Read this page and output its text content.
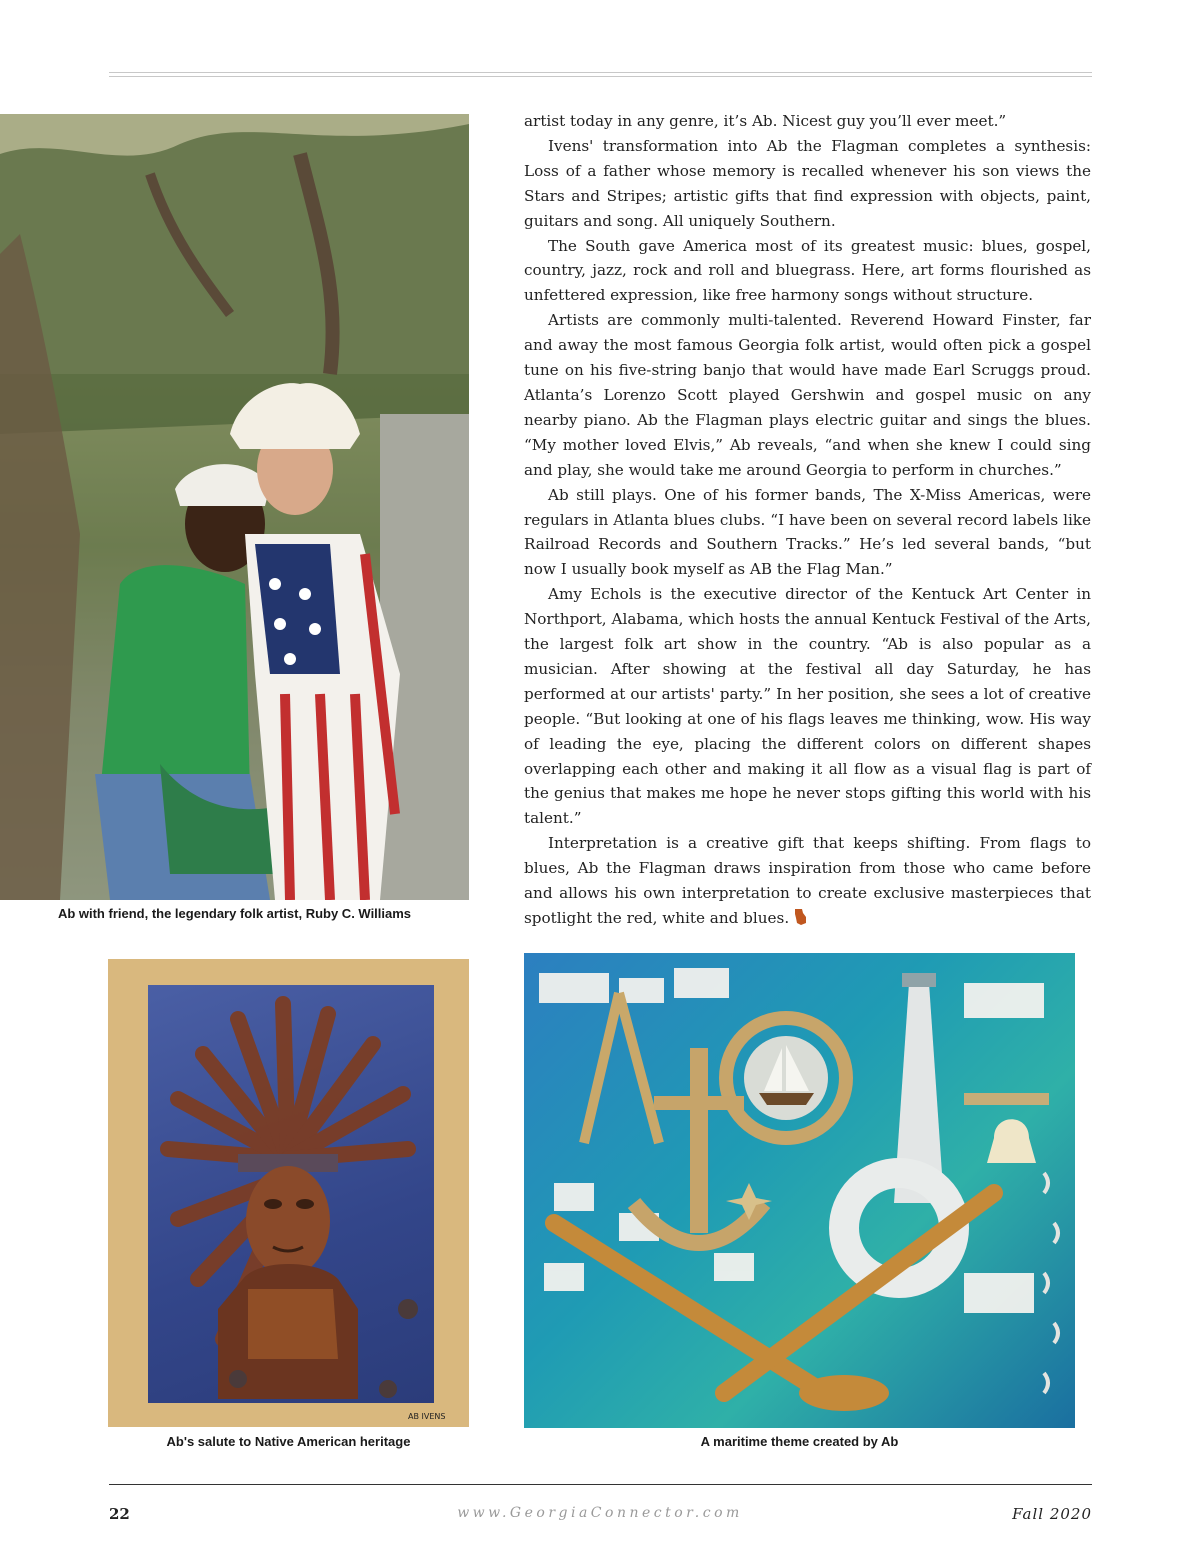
Ab with friend, the legendary folk artist, Ruby C. Williams

artist today in any genre, it’s Ab. Nicest guy you’ll ever meet.”

Ivens' transformation into Ab the Flagman completes a synthesis: Loss of a father whose memory is recalled whenever his son views the Stars and Stripes; artistic gifts that find expression with objects, paint, guitars and song. All uniquely Southern.

The South gave America most of its greatest music: blues, gospel, country, jazz, rock and roll and bluegrass. Here, art forms flourished as unfettered expression, like free harmony songs without structure.

Artists are commonly multi-talented. Reverend Howard Finster, far and away the most famous Georgia folk artist, would often pick a gospel tune on his five-string banjo that would have made Earl Scruggs proud. Atlanta’s Lorenzo Scott played Gershwin and gospel music on any nearby piano. Ab the Flagman plays electric guitar and sings the blues. “My mother loved Elvis,” Ab reveals, “and when she knew I could sing and play, she would take me around Georgia to perform in churches.”

Ab still plays. One of his former bands, The X-Miss Americas, were regulars in Atlanta blues clubs. “I have been on several record labels like Railroad Records and Southern Tracks.” He’s led several bands, “but now I usually book myself as AB the Flag Man.”

Amy Echols is the executive director of the Kentuck Art Center in Northport, Alabama, which hosts the annual Kentuck Festival of the Arts, the largest folk art show in the country. “Ab is also popular as a musician. After showing at the festival all day Saturday, he has performed at our artists' party.” In her position, she sees a lot of creative people. “But looking at one of his flags leaves me thinking, wow. His way of leading the eye, placing the different colors on different shapes overlapping each other and making it all flow as a visual flag is part of the genius that makes me hope he never stops gifting this world with his talent.”

Interpretation is a creative gift that keeps shifting. From flags to blues, Ab the Flagman draws inspiration from those who came before and allows his own interpretation to create exclusive masterpieces that spotlight the red, white and blues.

AB IVENS
Ab's salute to Native American heritage	A maritime theme created by Ab
22	www.GeorgiaConnector.com	Fall 2020
